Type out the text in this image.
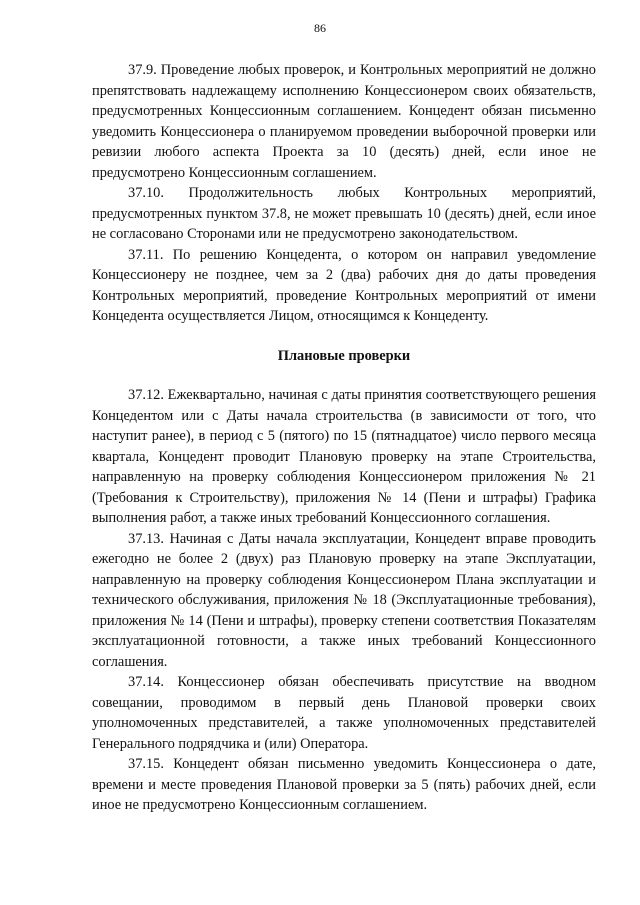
86

37.9. Проведение любых проверок, и Контрольных мероприятий не должно препятствовать надлежащему исполнению Концессионером своих обязательств, предусмотренных Концессионным соглашением. Концедент обязан письменно уведомить Концессионера о планируемом проведении выборочной проверки или ревизии любого аспекта Проекта за 10 (десять) дней, если иное не предусмотрено Концессионным соглашением.

37.10. Продолжительность любых Контрольных мероприятий, предусмотренных пунктом 37.8, не может превышать 10 (десять) дней, если иное не согласовано Сторонами или не предусмотрено законодательством.

37.11. По решению Концедента, о котором он направил уведомление Концессионеру не позднее, чем за 2 (два) рабочих дня до даты проведения Контрольных мероприятий, проведение Контрольных мероприятий от имени Концедента осуществляется Лицом, относящимся к Концеденту.

Плановые проверки

37.12. Ежеквартально, начиная с даты принятия соответствующего решения Концедентом или с Даты начала строительства (в зависимости от того, что наступит ранее), в период с 5 (пятого) по 15 (пятнадцатое) число первого месяца квартала, Концедент проводит Плановую проверку на этапе Строительства, направленную на проверку соблюдения Концессионером приложения № 21 (Требования к Строительству), приложения № 14 (Пени и штрафы) Графика выполнения работ, а также иных требований Концессионного соглашения.

37.13. Начиная с Даты начала эксплуатации, Концедент вправе проводить ежегодно не более 2 (двух) раз Плановую проверку на этапе Эксплуатации, направленную на проверку соблюдения Концессионером Плана эксплуатации и технического обслуживания, приложения № 18 (Эксплуатационные требования), приложения № 14 (Пени и штрафы), проверку степени соответствия Показателям эксплуатационной готовности, а также иных требований Концессионного соглашения.

37.14. Концессионер обязан обеспечивать присутствие на вводном совещании, проводимом в первый день Плановой проверки своих уполномоченных представителей, а также уполномоченных представителей Генерального подрядчика и (или) Оператора.

37.15. Концедент обязан письменно уведомить Концессионера о дате, времени и месте проведения Плановой проверки за 5 (пять) рабочих дней, если иное не предусмотрено Концессионным соглашением.
